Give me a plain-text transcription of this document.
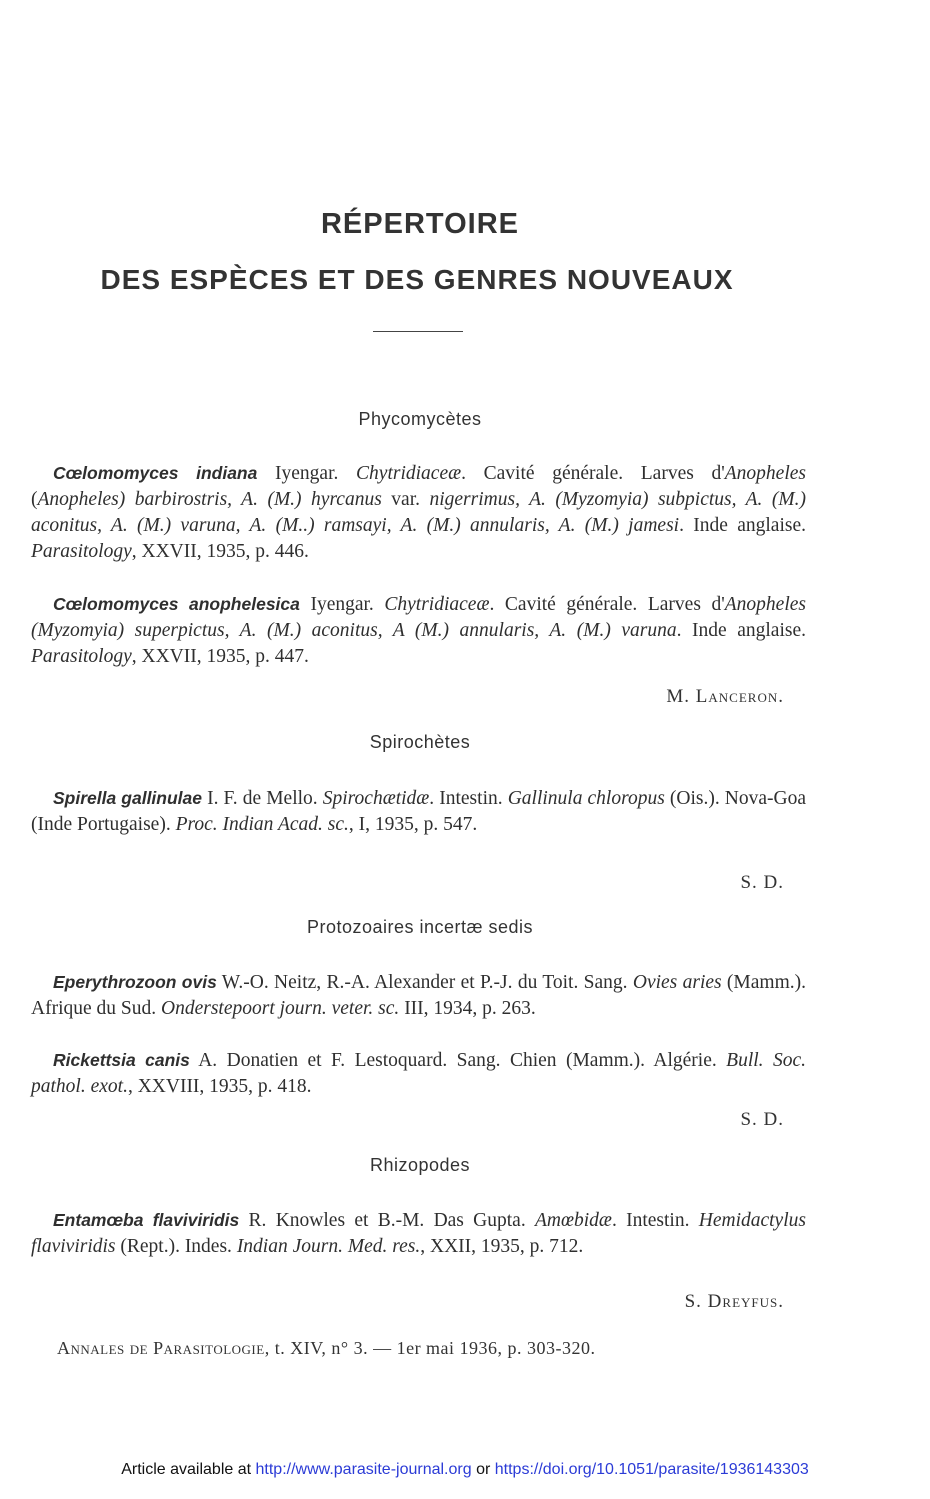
RÉPERTOIRE
DES ESPÈCES ET DES GENRES NOUVEAUX
Phycomycètes
Cœlomomyces indiana Iyengar. Chytridiaceæ. Cavité générale. Larves d'Anopheles (Anopheles) barbirostris, A. (M.) hyrcanus var. nigerrimus, A. (Myzomyia) subpictus, A. (M.) aconitus, A. (M.) varuna, A. (M..) ramsayi, A. (M.) annularis, A. (M.) jamesi. Inde anglaise. Parasitology, XXVII, 1935, p. 446.
Cœlomomyces anophelesica Iyengar. Chytridiaceæ. Cavité générale. Larves d'Anopheles (Myzomyia) superpictus, A. (M.) aconitus, A (M.) annularis, A. (M.) varuna. Inde anglaise. Parasitology, XXVII, 1935, p. 447.
M. Lanceron.
Spirochètes
Spirella gallinulae I. F. de Mello. Spirochætidæ. Intestin. Gallinula chloropus (Ois.). Nova-Goa (Inde Portugaise). Proc. Indian Acad. sc., I, 1935, p. 547.
S. D.
Protozoaires incertæ sedis
Eperythrozoon ovis W.-O. Neitz, R.-A. Alexander et P.-J. du Toit. Sang. Ovies aries (Mamm.). Afrique du Sud. Onderstepoort journ. veter. sc. III, 1934, p. 263.
Rickettsia canis A. Donatien et F. Lestoquard. Sang. Chien (Mamm.). Algérie. Bull. Soc. pathol. exot., XXVIII, 1935, p. 418.
S. D.
Rhizopodes
Entamœba flaviviridis R. Knowles et B.-M. Das Gupta. Amœbidæ. Intestin. Hemidactylus flaviviridis (Rept.). Indes. Indian Journ. Med. res., XXII, 1935, p. 712.
S. Dreyfus.
Annales de Parasitologie, t. XIV, n° 3. — 1er mai 1936, p. 303-320.
Article available at http://www.parasite-journal.org or https://doi.org/10.1051/parasite/1936143303
